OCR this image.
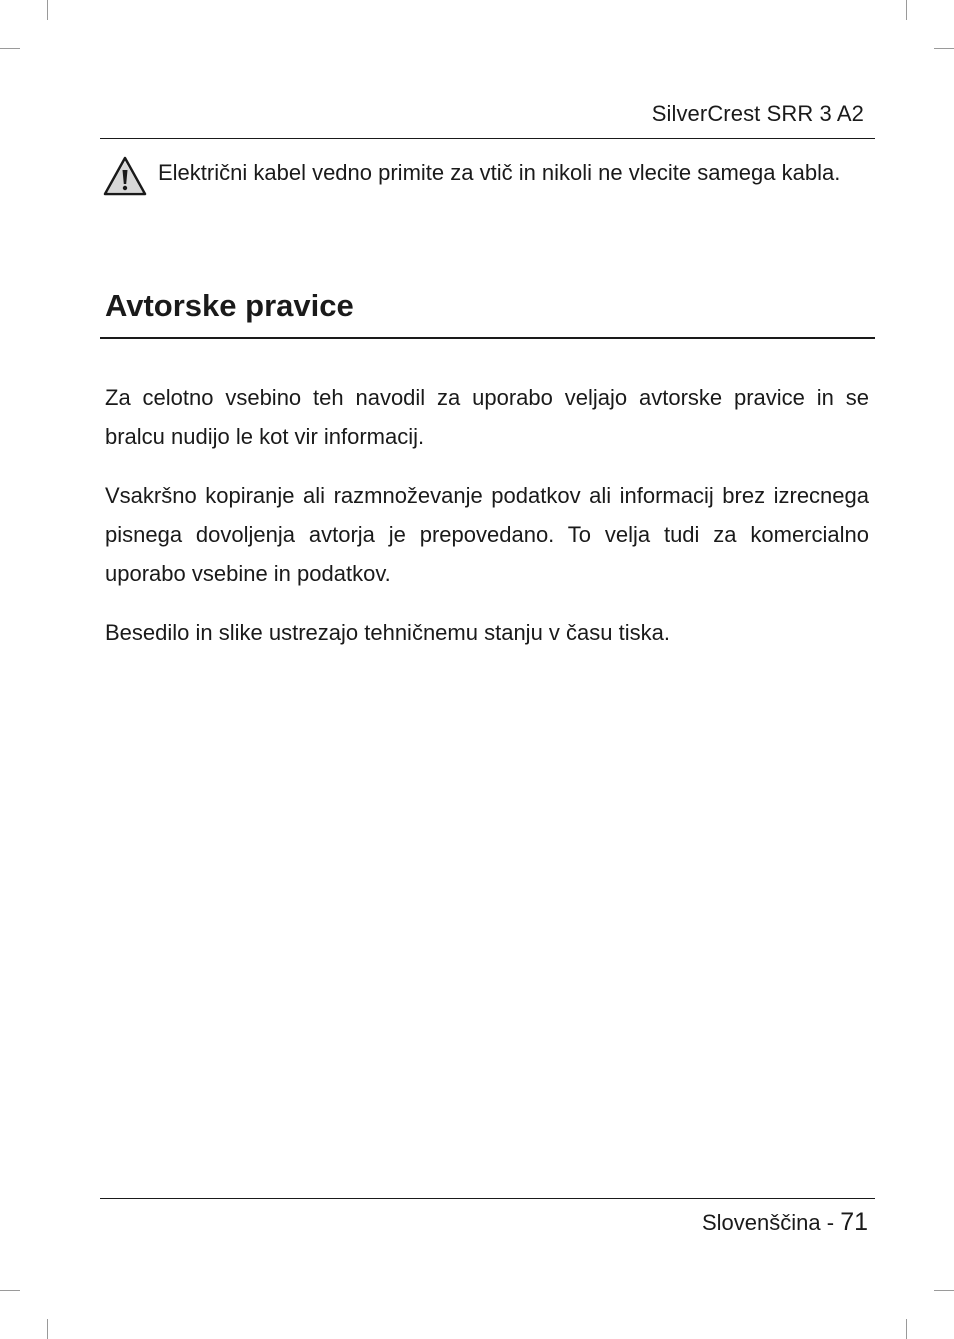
SilverCrest SRR 3 A2

Električni kabel vedno primite za vtič in nikoli ne vlecite samega kabla.

Avtorske pravice

Za celotno vsebino teh navodil za uporabo veljajo avtorske pravice in se bralcu nudijo le kot vir informacij.

Vsakršno kopiranje ali razmnoževanje podatkov ali informacij brez izrecnega pisnega dovoljenja avtorja je prepovedano. To velja tudi za komercialno uporabo vsebine in podatkov.

Besedilo in slike ustrezajo tehničnemu stanju v času tiska.

Slovenščina - 71
